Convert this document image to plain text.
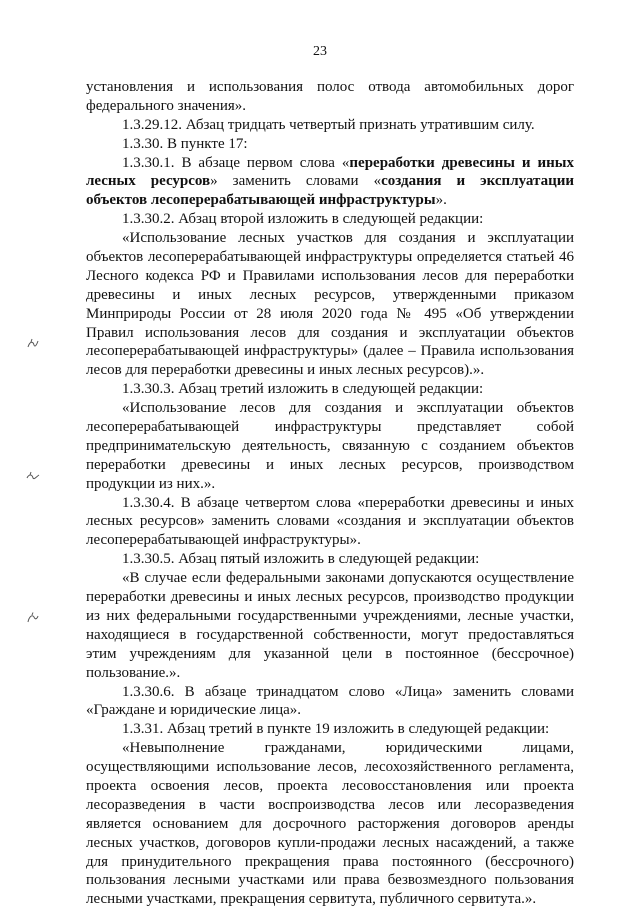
23
установления и использования полос отвода автомобильных дорог
федерального значения».
1.3.29.12. Абзац тридцать четвертый признать утратившим силу.
1.3.30. В пункте 17:
1.3.30.1. В абзаце первом слова «переработки древесины и иных
лесных ресурсов» заменить словами «создания и эксплуатации
объектов лесоперерабатывающей инфраструктуры».
1.3.30.2. Абзац второй изложить в следующей редакции:
«Использование лесных участков для создания и эксплуатации
объектов лесоперерабатывающей инфраструктуры определяется статьей 46
Лесного кодекса РФ и Правилами использования лесов для переработки
древесины и иных лесных ресурсов, утвержденными приказом
Минприроды России от 28 июля 2020 года № 495 «Об утверждении
Правил использования лесов для создания и эксплуатации объектов
лесоперерабатывающей инфраструктуры» (далее – Правила использования
лесов для переработки древесины и иных лесных ресурсов).».
1.3.30.3. Абзац третий изложить в следующей редакции:
«Использование лесов для создания и эксплуатации объектов
лесоперерабатывающей инфраструктуры представляет собой
предпринимательскую деятельность, связанную с созданием объектов
переработки древесины и иных лесных ресурсов, производством
продукции из них.».
1.3.30.4. В абзаце четвертом слова «переработки древесины и иных
лесных ресурсов» заменить словами «создания и эксплуатации объектов
лесоперерабатывающей инфраструктуры».
1.3.30.5. Абзац пятый изложить в следующей редакции:
«В случае если федеральными законами допускаются осуществление
переработки древесины и иных лесных ресурсов, производство продукции
из них федеральными государственными учреждениями, лесные участки,
находящиеся в государственной собственности, могут предоставляться
этим учреждениям для указанной цели в постоянное (бессрочное)
пользование.».
1.3.30.6. В абзаце тринадцатом слово «Лица» заменить словами
«Граждане и юридические лица».
1.3.31. Абзац третий в пункте 19 изложить в следующей редакции:
«Невыполнение гражданами, юридическими лицами,
осуществляющими использование лесов, лесохозяйственного регламента,
проекта освоения лесов, проекта лесовосстановления или проекта
лесоразведения в части воспроизводства лесов или лесоразведения
является основанием для досрочного расторжения договоров аренды
лесных участков, договоров купли-продажи лесных насаждений, а также
для принудительного прекращения права постоянного (бессрочного)
пользования лесными участками или права безвозмездного пользования
лесными участками, прекращения сервитута, публичного сервитута.».
